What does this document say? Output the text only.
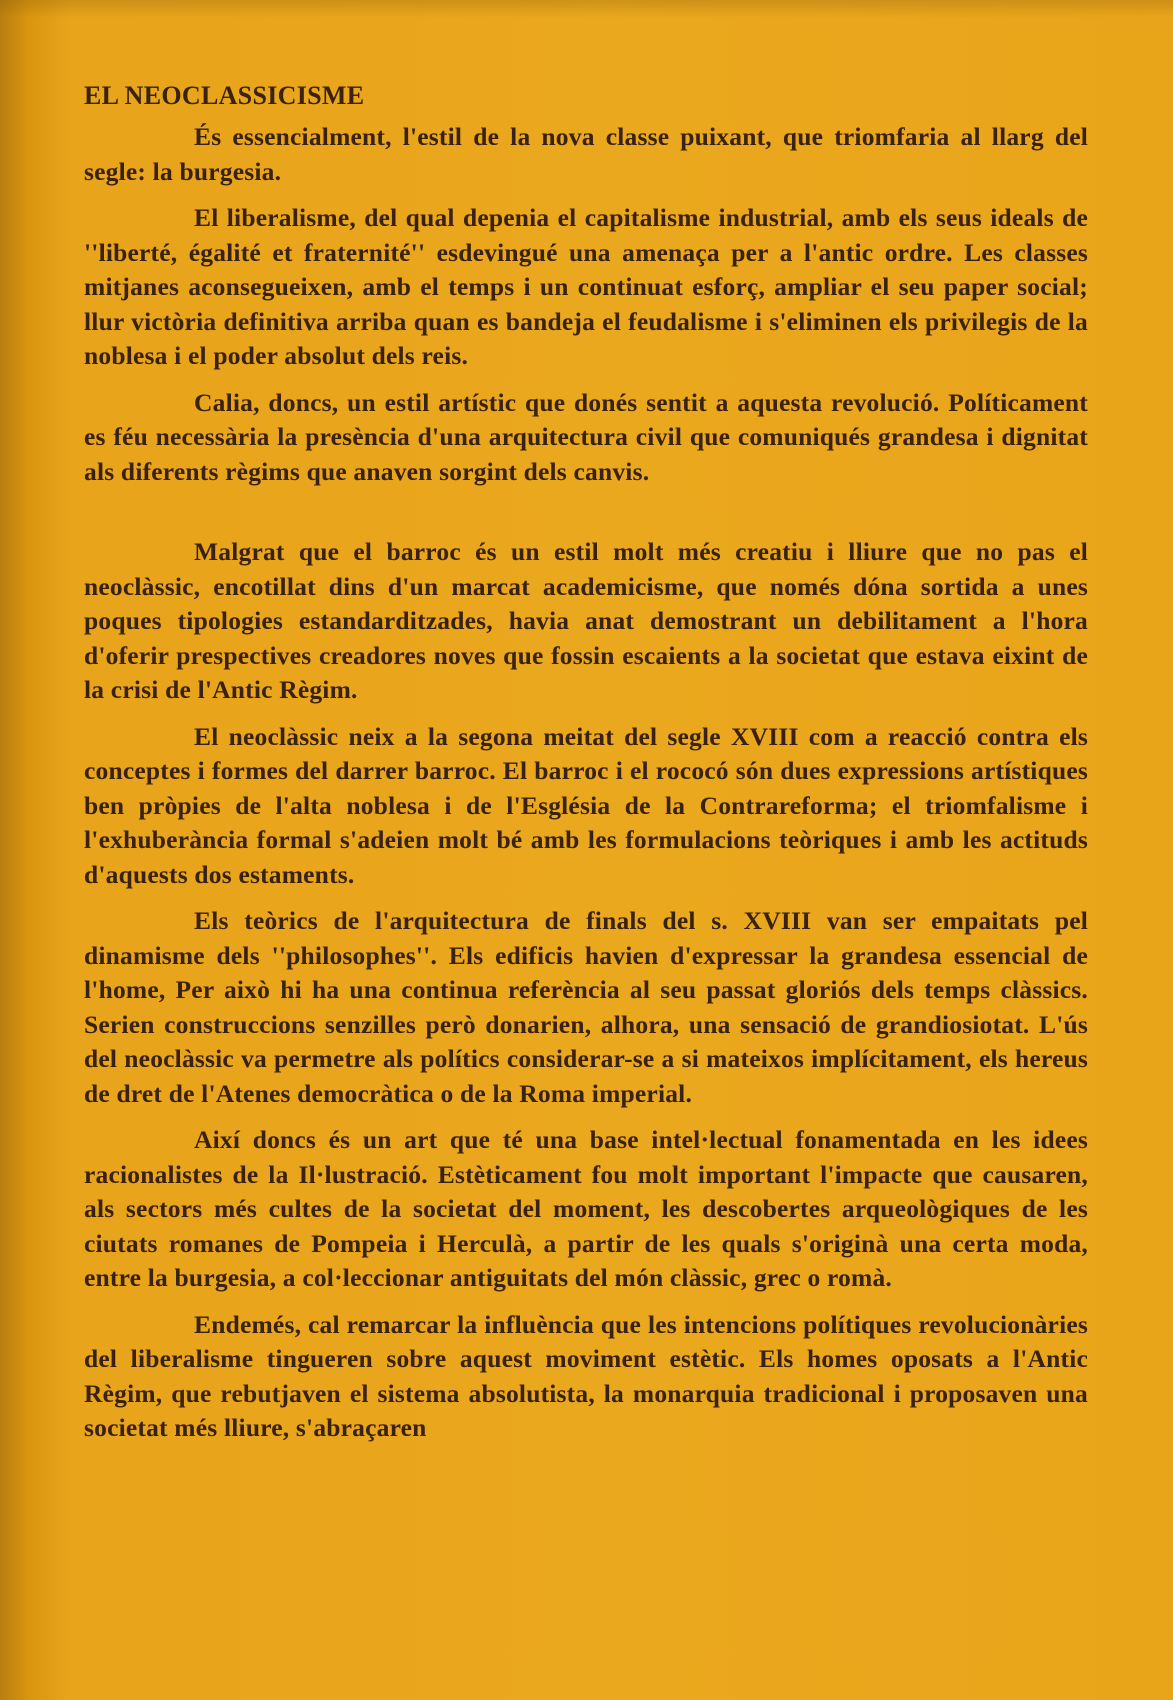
EL NEOCLASSICISME

És essencialment, l'estil de la nova classe puixant, que triomfaria al llarg del segle: la burgesia.

El liberalisme, del qual depenia el capitalisme industrial, amb els seus ideals de ''liberté, égalité et fraternité'' esdevingué una amenaça per a l'antic ordre. Les classes mitjanes aconsegueixen, amb el temps i un continuat esforç, ampliar el seu paper social; llur victòria definitiva arriba quan es bandeja el feudalisme i s'eliminen els privilegis de la noblesa i el poder absolut dels reis.

Calia, doncs, un estil artístic que donés sentit a aquesta revolució. Políticament es féu necessària la presència d'una arquitectura civil que comuniqués grandesa i dignitat als diferents règims que anaven sorgint dels canvis.

Malgrat que el barroc és un estil molt més creatiu i lliure que no pas el neoclàssic, encotillat dins d'un marcat academicisme, que només dóna sortida a unes poques tipologies estandarditzades, havia anat demostrant un debilitament a l'hora d'oferir prespectives creadores noves que fossin escaients a la societat que estava eixint de la crisi de l'Antic Règim.

El neoclàssic neix a la segona meitat del segle XVIII com a reacció contra els conceptes i formes del darrer barroc. El barroc i el rococó són dues expressions artístiques ben pròpies de l'alta noblesa i de l'Església de la Contrareforma; el triomfalisme i l'exhuberància formal s'adeien molt bé amb les formulacions teòriques i amb les actituds d'aquests dos estaments.

Els teòrics de l'arquitectura de finals del s. XVIII van ser empaitats pel dinamisme dels ''philosophes''. Els edificis havien d'expressar la grandesa essencial de l'home, Per això hi ha una continua referència al seu passat gloriós dels temps clàssics. Serien construccions senzilles però donarien, alhora, una sensació de grandiosiotat. L'ús del neoclàssic va permetre als polítics considerar-se a si mateixos implícitament, els hereus de dret de l'Atenes democràtica o de la Roma imperial.

Així doncs és un art que té una base intel·lectual fonamentada en les idees racionalistes de la Il·lustració. Estèticament fou molt important l'impacte que causaren, als sectors més cultes de la societat del moment, les descobertes arqueològiques de les ciutats romanes de Pompeia i Herculà, a partir de les quals s'originà una certa moda, entre la burgesia, a col·leccionar antiguitats del món clàssic, grec o romà.

Endemés, cal remarcar la influència que les intencions polítiques revolucionàries del liberalisme tingueren sobre aquest moviment estètic. Els homes oposats a l'Antic Règim, que rebutjaven el sistema absolutista, la monarquia tradicional i proposaven una societat més lliure, s'abraçaren
